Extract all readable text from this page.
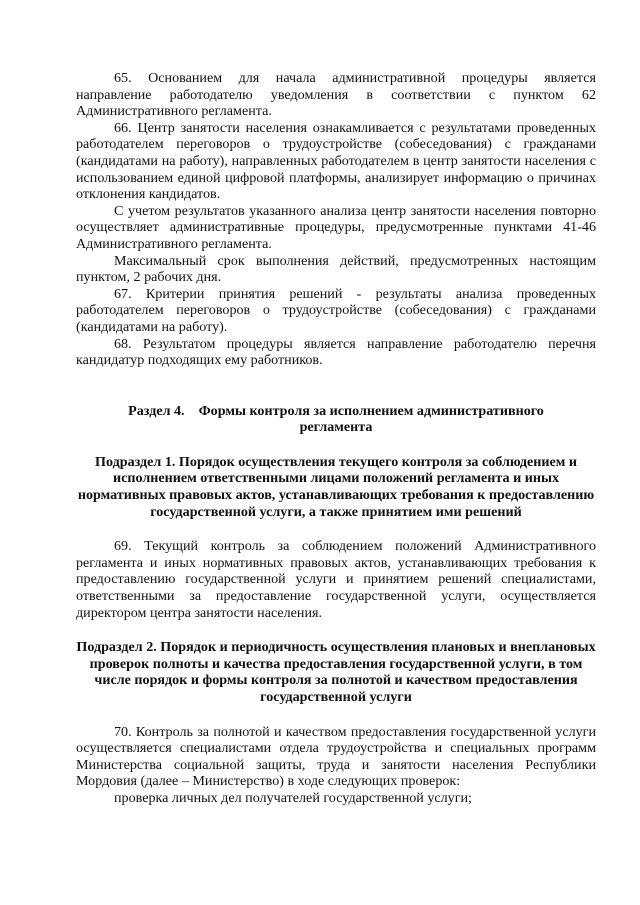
65. Основанием для начала административной процедуры является направление работодателю уведомления в соответствии с пунктом 62 Административного регламента.

66. Центр занятости населения ознакамливается с результатами проведенных работодателем переговоров о трудоустройстве (собеседования) с гражданами (кандидатами на работу), направленных работодателем в центр занятости населения с использованием единой цифровой платформы, анализирует информацию о причинах отклонения кандидатов.

С учетом результатов указанного анализа центр занятости населения повторно осуществляет административные процедуры, предусмотренные пунктами 41-46 Административного регламента.

Максимальный срок выполнения действий, предусмотренных настоящим пунктом, 2 рабочих дня.

67. Критерии принятия решений - результаты анализа проведенных работодателем переговоров о трудоустройстве (собеседования) с гражданами (кандидатами на работу).

68. Результатом процедуры является направление работодателю перечня кандидатур подходящих ему работников.

Раздел 4. Формы контроля за исполнением административного регламента

Подраздел 1. Порядок осуществления текущего контроля за соблюдением и исполнением ответственными лицами положений регламента и иных нормативных правовых актов, устанавливающих требования к предоставлению государственной услуги, а также принятием ими решений

69. Текущий контроль за соблюдением положений Административного регламента и иных нормативных правовых актов, устанавливающих требования к предоставлению государственной услуги и принятием решений специалистами, ответственными за предоставление государственной услуги, осуществляется директором центра занятости населения.

Подраздел 2. Порядок и периодичность осуществления плановых и внеплановых проверок полноты и качества предоставления государственной услуги, в том числе порядок и формы контроля за полнотой и качеством предоставления государственной услуги

70. Контроль за полнотой и качеством предоставления государственной услуги осуществляется специалистами отдела трудоустройства и специальных программ Министерства социальной защиты, труда и занятости населения Республики Мордовия (далее – Министерство) в ходе следующих проверок:

проверка личных дел получателей государственной услуги;
